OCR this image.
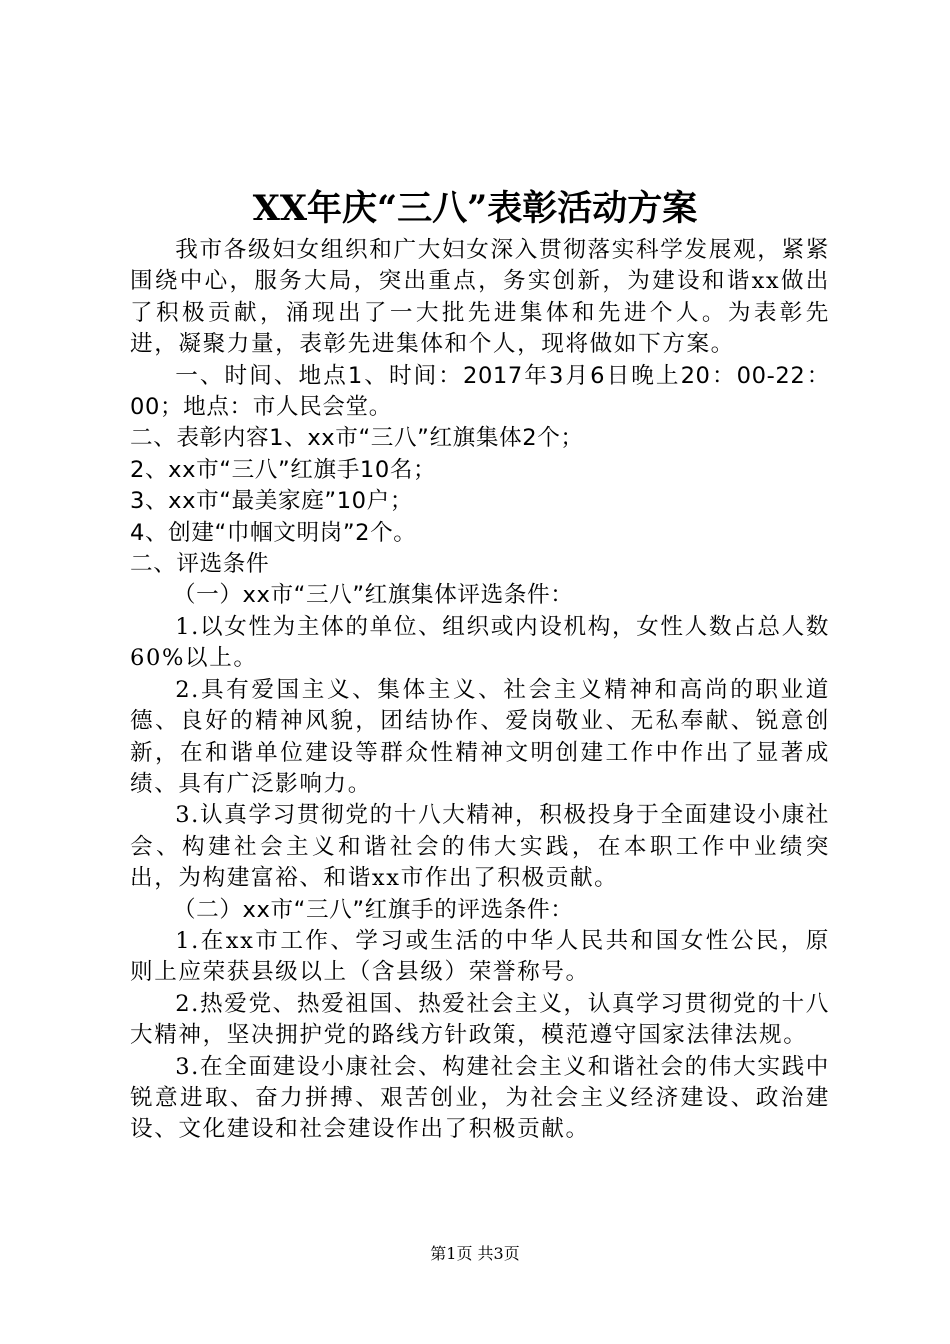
XX年庆“三八”表彰活动方案

我市各级妇女组织和广大妇女深入贯彻落实科学发展观，紧紧围绕中心，服务大局，突出重点，务实创新，为建设和谐xx做出了积极贡献，涌现出了一大批先进集体和先进个人。为表彰先进，凝聚力量，表彰先进集体和个人，现将做如下方案。

一、时间、地点1、时间：2017年3月6日晚上20：00-22：00；地点：市人民会堂。

二、表彰内容1、xx市“三八”红旗集体2个；

2、xx市“三八”红旗手10名；

3、xx市“最美家庭”10户；

4、创建“巾帼文明岗”2个。

二、评选条件

（一）xx市“三八”红旗集体评选条件：

1.以女性为主体的单位、组织或内设机构，女性人数占总人数60%以上。

2.具有爱国主义、集体主义、社会主义精神和高尚的职业道德、良好的精神风貌，团结协作、爱岗敬业、无私奉献、锐意创新，在和谐单位建设等群众性精神文明创建工作中作出了显著成绩、具有广泛影响力。

3.认真学习贯彻党的十八大精神，积极投身于全面建设小康社会、构建社会主义和谐社会的伟大实践，在本职工作中业绩突出，为构建富裕、和谐xx市作出了积极贡献。

（二）xx市“三八”红旗手的评选条件：

1.在xx市工作、学习或生活的中华人民共和国女性公民，原则上应荣获县级以上（含县级）荣誉称号。

2.热爱党、热爱祖国、热爱社会主义，认真学习贯彻党的十八大精神，坚决拥护党的路线方针政策，模范遵守国家法律法规。

3.在全面建设小康社会、构建社会主义和谐社会的伟大实践中锐意进取、奋力拼搏、艰苦创业，为社会主义经济建设、政治建设、文化建设和社会建设作出了积极贡献。

第1页 共3页
